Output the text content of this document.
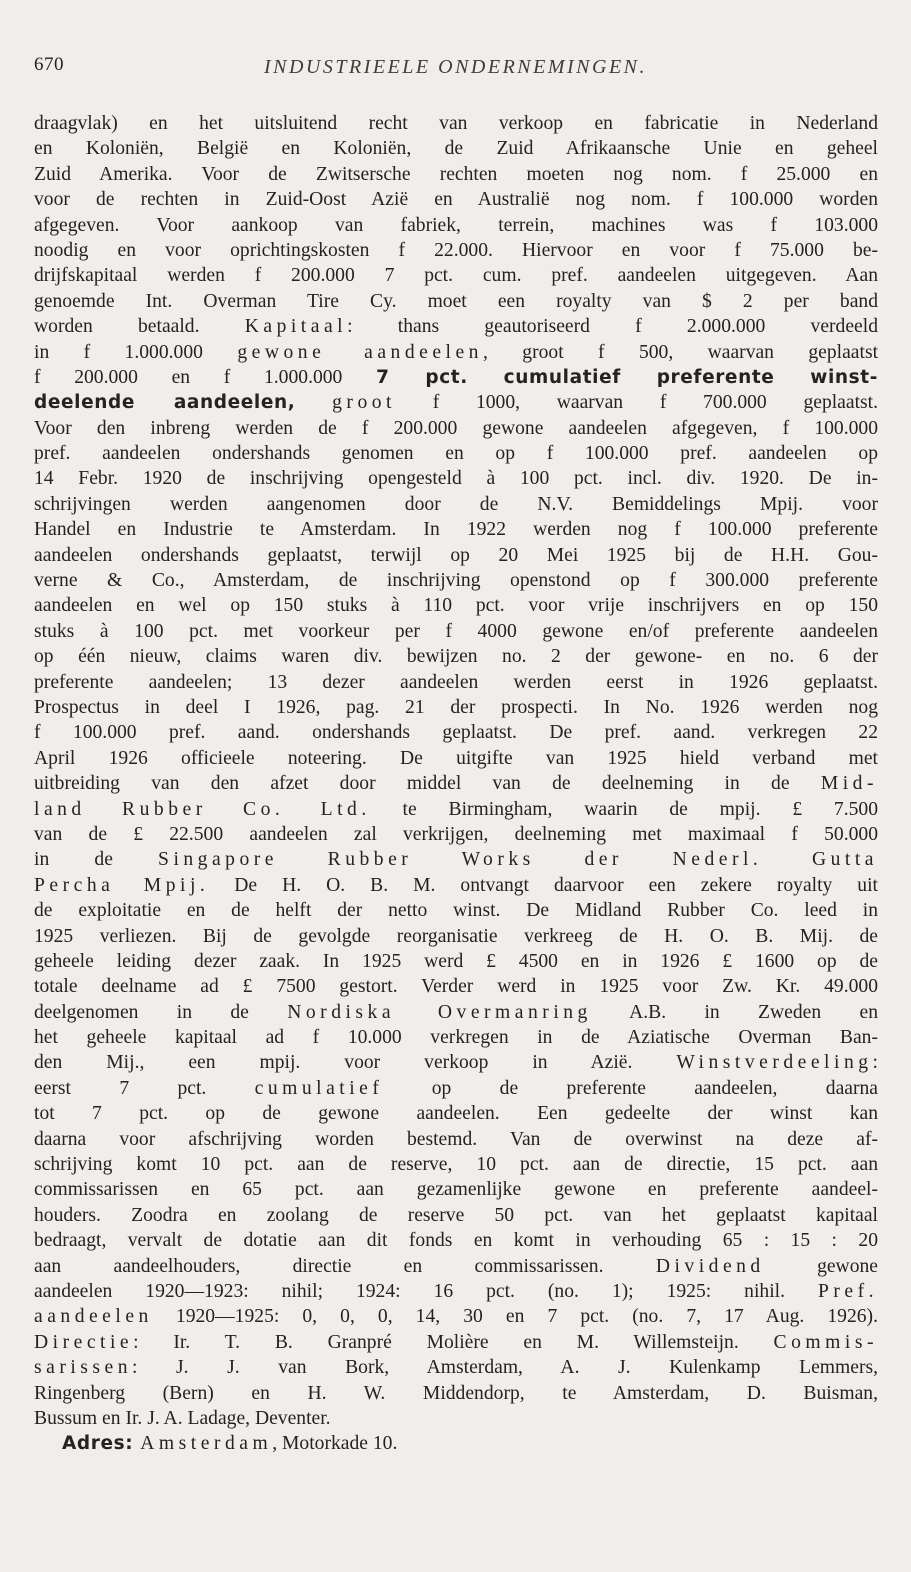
670	INDUSTRIEELE ONDERNEMINGEN.
draagvlak) en het uitsluitend recht van verkoop en fabricatie in Nederland
en Koloniën, België en Koloniën, de Zuid Afrikaansche Unie en geheel
Zuid Amerika. Voor de Zwitsersche rechten moeten nog nom. f 25.000 en
voor de rechten in Zuid-Oost Azië en Australië nog nom. f 100.000 worden
afgegeven. Voor aankoop van fabriek, terrein, machines was f 103.000
noodig en voor oprichtingskosten f 22.000. Hiervoor en voor f 75.000 be-
drijfskapitaal werden f 200.000 7 pct. cum. pref. aandeelen uitgegeven. Aan
genoemde Int. Overman Tire Cy. moet een royalty van $ 2 per band
worden betaald. Kapitaal: thans geautoriseerd f 2.000.000 verdeeld
in f 1.000.000 gewone aandeelen, groot f 500, waarvan geplaatst
f 200.000 en f 1.000.000 7 pct. cumulatief preferente winst-
deelende aandeelen, groot f 1000, waarvan f 700.000 geplaatst.
Voor den inbreng werden de f 200.000 gewone aandeelen afgegeven, f 100.000
pref. aandeelen ondershands genomen en op f 100.000 pref. aandeelen op
14 Febr. 1920 de inschrijving opengesteld à 100 pct. incl. div. 1920. De in-
schrijvingen werden aangenomen door de N.V. Bemiddelings Mpij. voor
Handel en Industrie te Amsterdam. In 1922 werden nog f 100.000 preferente
aandeelen ondershands geplaatst, terwijl op 20 Mei 1925 bij de H.H. Gou-
verne & Co., Amsterdam, de inschrijving openstond op f 300.000 preferente
aandeelen en wel op 150 stuks à 110 pct. voor vrije inschrijvers en op 150
stuks à 100 pct. met voorkeur per f 4000 gewone en/of preferente aandeelen
op één nieuw, claims waren div. bewijzen no. 2 der gewone- en no. 6 der
preferente aandeelen; 13 dezer aandeelen werden eerst in 1926 geplaatst.
Prospectus in deel I 1926, pag. 21 der prospecti. In No. 1926 werden nog
f 100.000 pref. aand. ondershands geplaatst. De pref. aand. verkregen 22
April 1926 officieele noteering. De uitgifte van 1925 hield verband met
uitbreiding van den afzet door middel van de deelneming in de Mid-
land Rubber Co. Ltd. te Birmingham, waarin de mpij. £ 7.500
van de £ 22.500 aandeelen zal verkrijgen, deelneming met maximaal f 50.000
in de Singapore Rubber Works der Nederl. Gutta
Percha Mpij. De H. O. B. M. ontvangt daarvoor een zekere royalty uit
de exploitatie en de helft der netto winst. De Midland Rubber Co. leed in
1925 verliezen. Bij de gevolgde reorganisatie verkreeg de H. O. B. Mij. de
geheele leiding dezer zaak. In 1925 werd £ 4500 en in 1926 £ 1600 op de
totale deelname ad £ 7500 gestort. Verder werd in 1925 voor Zw. Kr. 49.000
deelgenomen in de Nordiska Overmanring A.B. in Zweden en
het geheele kapitaal ad f 10.000 verkregen in de Aziatische Overman Ban-
den Mij., een mpij. voor verkoop in Azië. Winstverdeeling:
eerst 7 pct. cumulatief op de preferente aandeelen, daarna
tot 7 pct. op de gewone aandeelen. Een gedeelte der winst kan
daarna voor afschrijving worden bestemd. Van de overwinst na deze af-
schrijving komt 10 pct. aan de reserve, 10 pct. aan de directie, 15 pct. aan
commissarissen en 65 pct. aan gezamenlijke gewone en preferente aandeel-
houders. Zoodra en zoolang de reserve 50 pct. van het geplaatst kapitaal
bedraagt, vervalt de dotatie aan dit fonds en komt in verhouding 65 : 15 : 20
aan aandeelhouders, directie en commissarissen. Dividend gewone
aandeelen 1920—1923: nihil; 1924: 16 pct. (no. 1); 1925: nihil. Pref.
aandeelen 1920—1925: 0, 0, 0, 14, 30 en 7 pct. (no. 7, 17 Aug. 1926).
Directie: Ir. T. B. Granpré Molière en M. Willemsteijn. Commis-
sarissen: J. J. van Bork, Amsterdam, A. J. Kulenkamp Lemmers,
Ringenberg (Bern) en H. W. Middendorp, te Amsterdam, D. Buisman,
Bussum en Ir. J. A. Ladage, Deventer.
Adres: Amsterdam, Motorkade 10.
